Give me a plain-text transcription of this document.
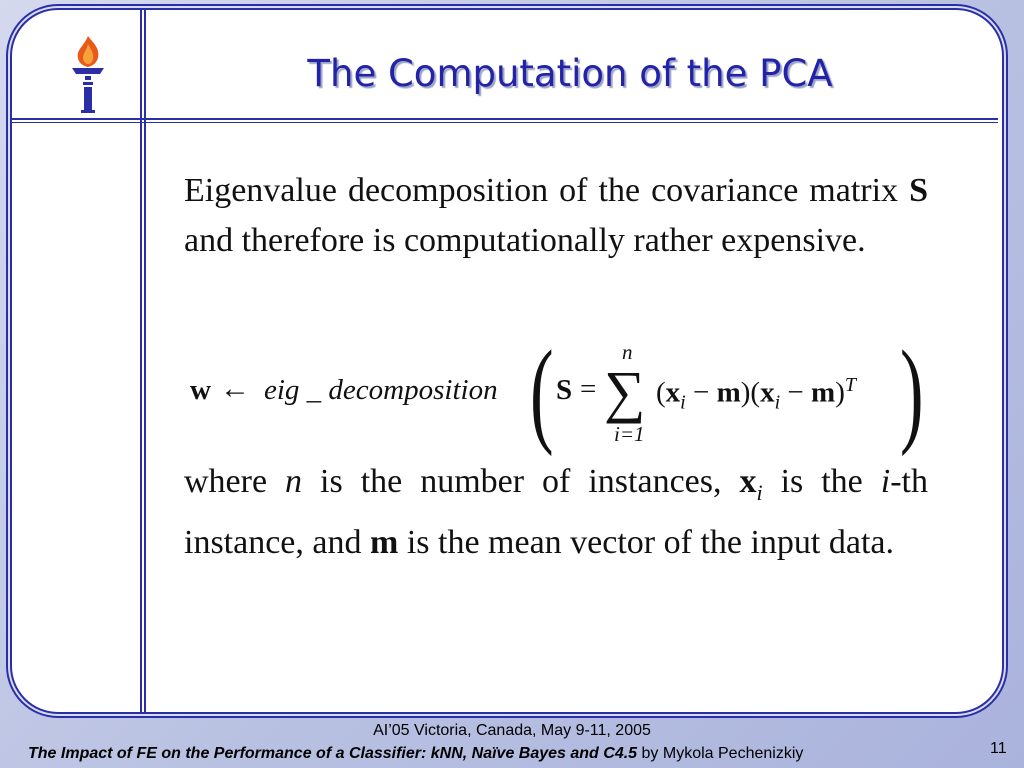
The Computation of the PCA
Eigenvalue decomposition of the covariance matrix S and therefore is computationally rather expensive.
w ← eig _ decomposition ( S =
n
∑
i=1
$(x_i - m)(x_i - m)^T$ )
where n is the number of instances, $x_i$ is the i-th instance, and m is the mean vector of the input data.
AI’05 Victoria, Canada, May 9-11, 2005
The Impact of FE on the Performance of a Classifier: kNN, Naïve Bayes and C4.5 by Mykola Pechenizkiy	11
